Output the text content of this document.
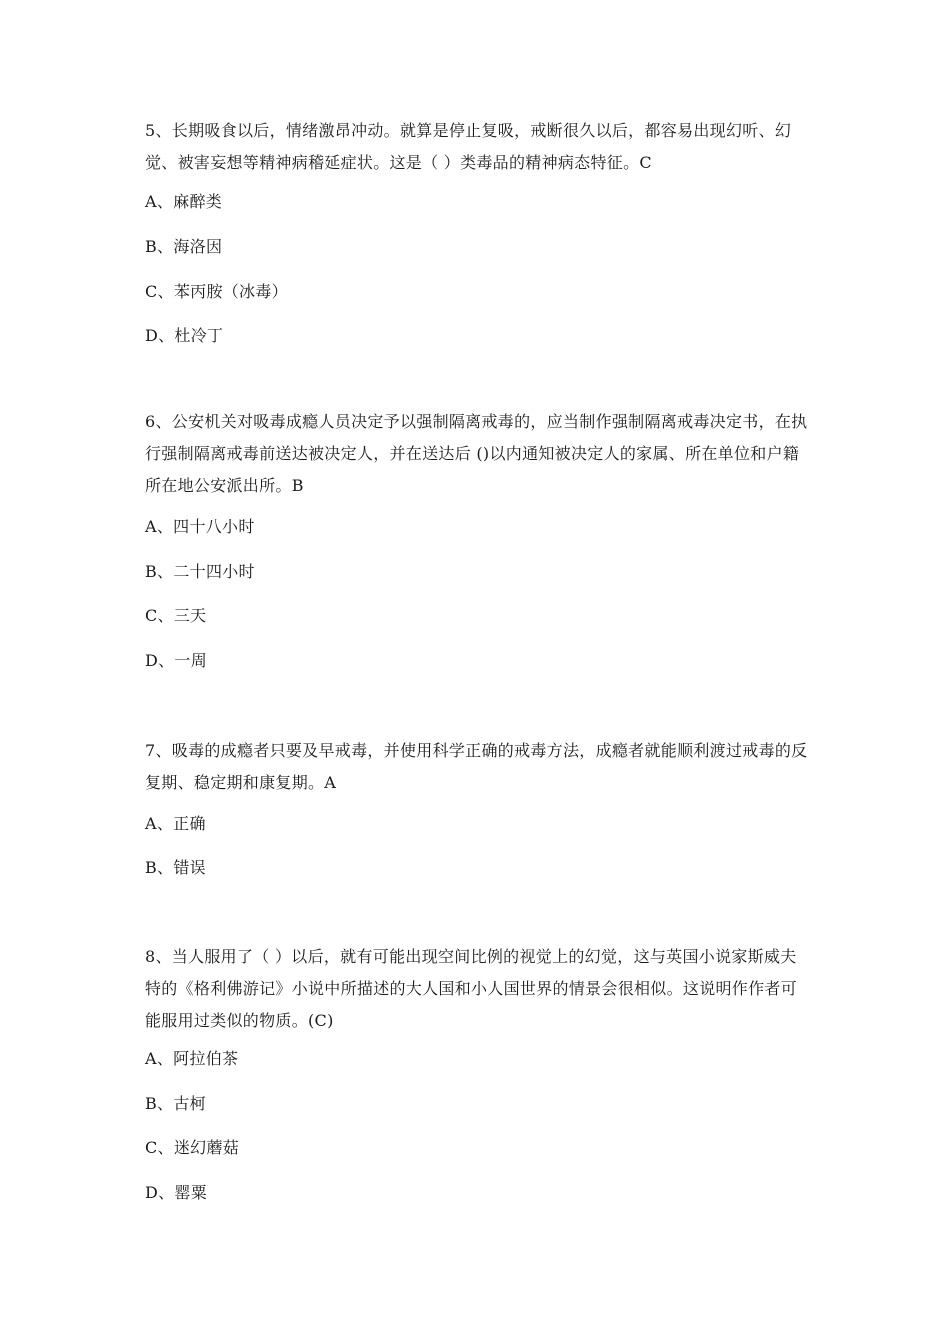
5、长期吸食以后，情绪激昂冲动。就算是停止复吸，戒断很久以后，都容易出现幻听、幻觉、被害妄想等精神病稽延症状。这是（ ）类毒品的精神病态特征。C
A、麻醉类
B、海洛因
C、苯丙胺（冰毒）
D、杜冷丁
6、公安机关对吸毒成瘾人员决定予以强制隔离戒毒的，应当制作强制隔离戒毒决定书，在执行强制隔离戒毒前送达被决定人，并在送达后 ()以内通知被决定人的家属、所在单位和户籍所在地公安派出所。B
A、四十八小时
B、二十四小时
C、三天
D、一周
7、吸毒的成瘾者只要及早戒毒，并使用科学正确的戒毒方法，成瘾者就能顺利渡过戒毒的反复期、稳定期和康复期。A
A、正确
B、错误
8、当人服用了（ ）以后，就有可能出现空间比例的视觉上的幻觉，这与英国小说家斯威夫特的《格利佛游记》小说中所描述的大人国和小人国世界的情景会很相似。这说明作作者可能服用过类似的物质。(C)
A、阿拉伯茶
B、古柯
C、迷幻蘑菇
D、罂粟
